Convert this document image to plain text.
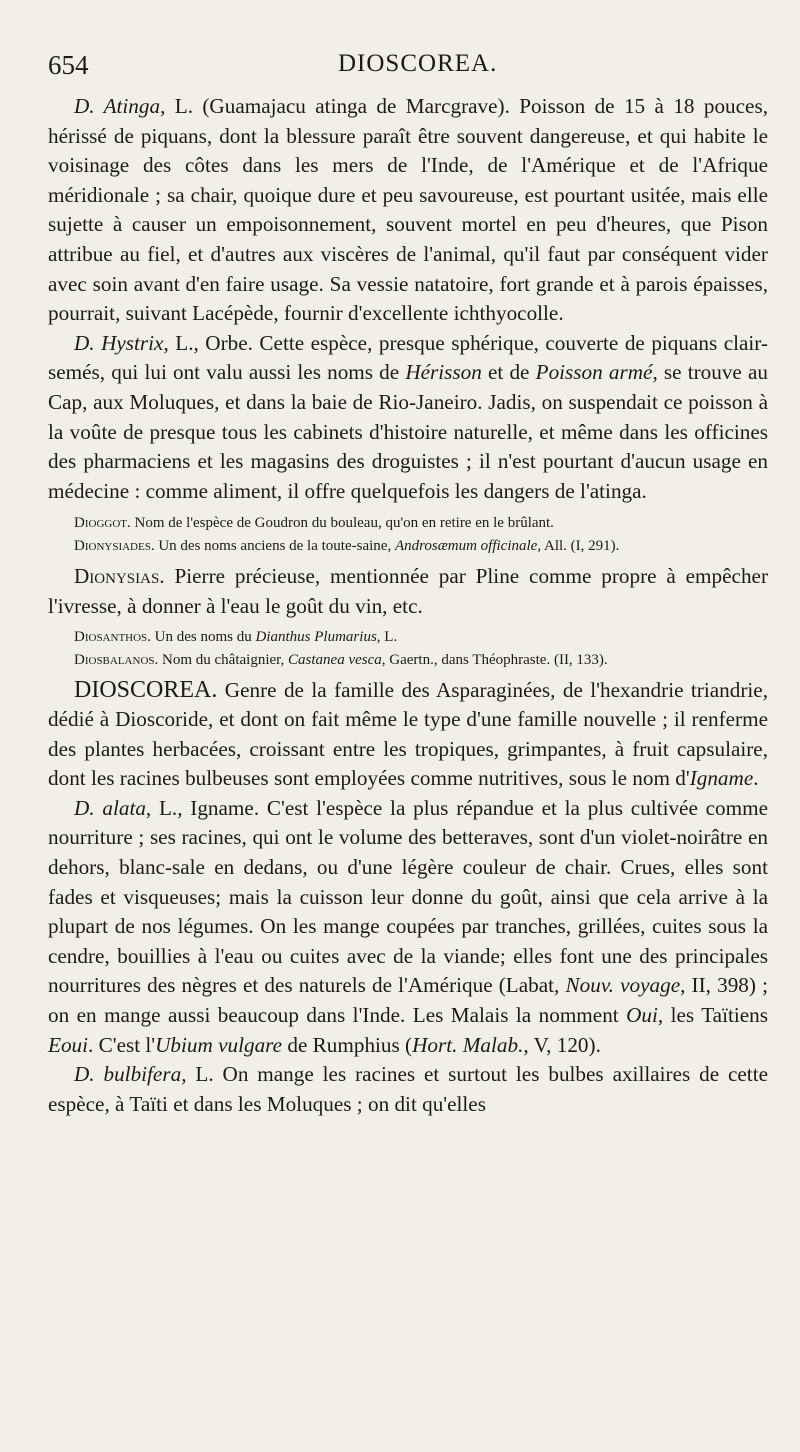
654	DIOSCOREA.

D. Atinga, L. (Guamajacu atinga de Marcgrave). Poisson de 15 à 18 pouces, hérissé de piquans, dont la blessure paraît être souvent dangereuse, et qui habite le voisinage des côtes dans les mers de l'Inde, de l'Amérique et de l'Afrique méridionale ; sa chair, quoique dure et peu savoureuse, est pourtant usitée, mais elle sujette à causer un empoisonnement, souvent mortel en peu d'heures, que Pison attribue au fiel, et d'autres aux viscères de l'animal, qu'il faut par conséquent vider avec soin avant d'en faire usage. Sa vessie natatoire, fort grande et à parois épaisses, pourrait, suivant Lacépède, fournir d'excellente ichthyocolle.

D. Hystrix, L., Orbe. Cette espèce, presque sphérique, couverte de piquans clair-semés, qui lui ont valu aussi les noms de Hérisson et de Poisson armé, se trouve au Cap, aux Moluques, et dans la baie de Rio-Janeiro. Jadis, on suspendait ce poisson à la voûte de presque tous les cabinets d'histoire naturelle, et même dans les officines des pharmaciens et les magasins des droguistes ; il n'est pourtant d'aucun usage en médecine : comme aliment, il offre quelquefois les dangers de l'atinga.

Dioggot. Nom de l'espèce de Goudron du bouleau, qu'on en retire en le brûlant.

Dionysiades. Un des noms anciens de la toute-saine, Androsæmum officinale, All. (I, 291).

Dionysias. Pierre précieuse, mentionnée par Pline comme propre à empêcher l'ivresse, à donner à l'eau le goût du vin, etc.

Diosanthos. Un des noms du Dianthus Plumarius, L.

Diosbalanos. Nom du châtaignier, Castanea vesca, Gaertn., dans Théophraste. (II, 133).

DIOSCOREA. Genre de la famille des Asparaginées, de l'hexandrie triandrie, dédié à Dioscoride, et dont on fait même le type d'une famille nouvelle ; il renferme des plantes herbacées, croissant entre les tropiques, grimpantes, à fruit capsulaire, dont les racines bulbeuses sont employées comme nutritives, sous le nom d'Igname.

D. alata, L., Igname. C'est l'espèce la plus répandue et la plus cultivée comme nourriture ; ses racines, qui ont le volume des betteraves, sont d'un violet-noirâtre en dehors, blanc-sale en dedans, ou d'une légère couleur de chair. Crues, elles sont fades et visqueuses; mais la cuisson leur donne du goût, ainsi que cela arrive à la plupart de nos légumes. On les mange coupées par tranches, grillées, cuites sous la cendre, bouillies à l'eau ou cuites avec de la viande; elles font une des principales nourritures des nègres et des naturels de l'Amérique (Labat, Nouv. voyage, II, 398) ; on en mange aussi beaucoup dans l'Inde. Les Malais la nomment Oui, les Taïtiens Eoui. C'est l'Ubium vulgare de Rumphius (Hort. Malab., V, 120).

D. bulbifera, L. On mange les racines et surtout les bulbes axillaires de cette espèce, à Taïti et dans les Moluques ; on dit qu'elles
